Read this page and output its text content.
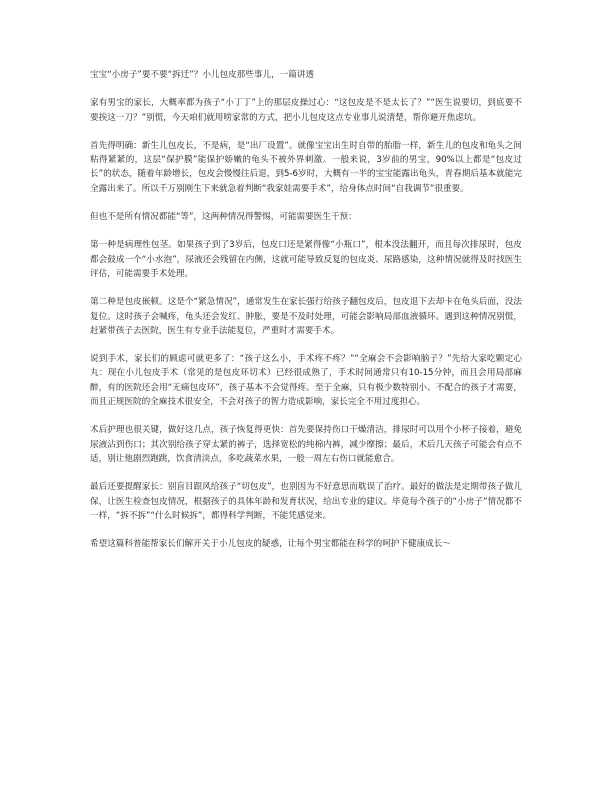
宝宝“小房子”要不要“拆迁”？小儿包皮那些事儿，一篇讲透

家有男宝的家长，大概率都为孩子“小丁丁”上的那层皮操过心：“这包皮是不是太长了？”“医生说要切，到底要不要挨这一刀？”别慌，今天咱们就用唠家常的方式，把小儿包皮这点专业事儿说清楚，帮你避开焦虑坑。

首先得明确：新生儿包皮长，不是病，是“出厂设置”。就像宝宝出生时自带的胎脂一样，新生儿的包皮和龟头之间粘得紧紧的，这层“保护膜”能保护娇嫩的龟头不被外界刺激。一般来说，3岁前的男宝，90%以上都是“包皮过长”的状态，随着年龄增长，包皮会慢慢往后退，到5-6岁时，大概有一半的宝宝能露出龟头，青春期后基本就能完全露出来了。所以千万别刚生下来就急着判断“我家娃需要手术”，给身体点时间“自我调节”很重要。

但也不是所有情况都能“等”，这两种情况得警惕，可能需要医生干预：

第一种是病理性包茎。如果孩子到了3岁后，包皮口还是紧得像“小瓶口”，根本没法翻开，而且每次排尿时，包皮都会鼓成一个“小水泡”，尿液还会残留在内侧，这就可能导致反复的包皮炎、尿路感染，这种情况就得及时找医生评估，可能需要手术处理。

第二种是包皮嵌顿。这是个“紧急情况”，通常发生在家长强行给孩子翻包皮后，包皮退下去却卡在龟头后面，没法复位。这时孩子会喊疼，龟头还会发红、肿胀，要是不及时处理，可能会影响局部血液循环。遇到这种情况别慌，赶紧带孩子去医院，医生有专业手法能复位，严重时才需要手术。

说到手术，家长们的顾虑可就更多了：“孩子这么小，手术疼不疼？”“全麻会不会影响脑子？”先给大家吃颗定心丸：现在小儿包皮手术（常见的是包皮环切术）已经很成熟了，手术时间通常只有10-15分钟，而且会用局部麻醉，有的医院还会用“无痛包皮环”，孩子基本不会觉得疼。至于全麻，只有极少数特别小、不配合的孩子才需要，而且正规医院的全麻技术很安全，不会对孩子的智力造成影响，家长完全不用过度担心。

术后护理也很关键，做好这几点，孩子恢复得更快：首先要保持伤口干燥清洁，排尿时可以用个小杯子接着，避免尿液沾到伤口；其次别给孩子穿太紧的裤子，选择宽松的纯棉内裤，减少摩擦；最后，术后几天孩子可能会有点不适，别让他剧烈跑跳，饮食清淡点，多吃蔬菜水果，一般一周左右伤口就能愈合。

最后还要提醒家长：别盲目跟风给孩子“切包皮”，也别因为不好意思而耽误了治疗。最好的做法是定期带孩子做儿保，让医生检查包皮情况，根据孩子的具体年龄和发育状况，给出专业的建议。毕竟每个孩子的“小房子”情况都不一样，“拆不拆”“什么时候拆”，都得科学判断，不能凭感觉来。

希望这篇科普能帮家长们解开关于小儿包皮的疑惑，让每个男宝都能在科学的呵护下健康成长～
